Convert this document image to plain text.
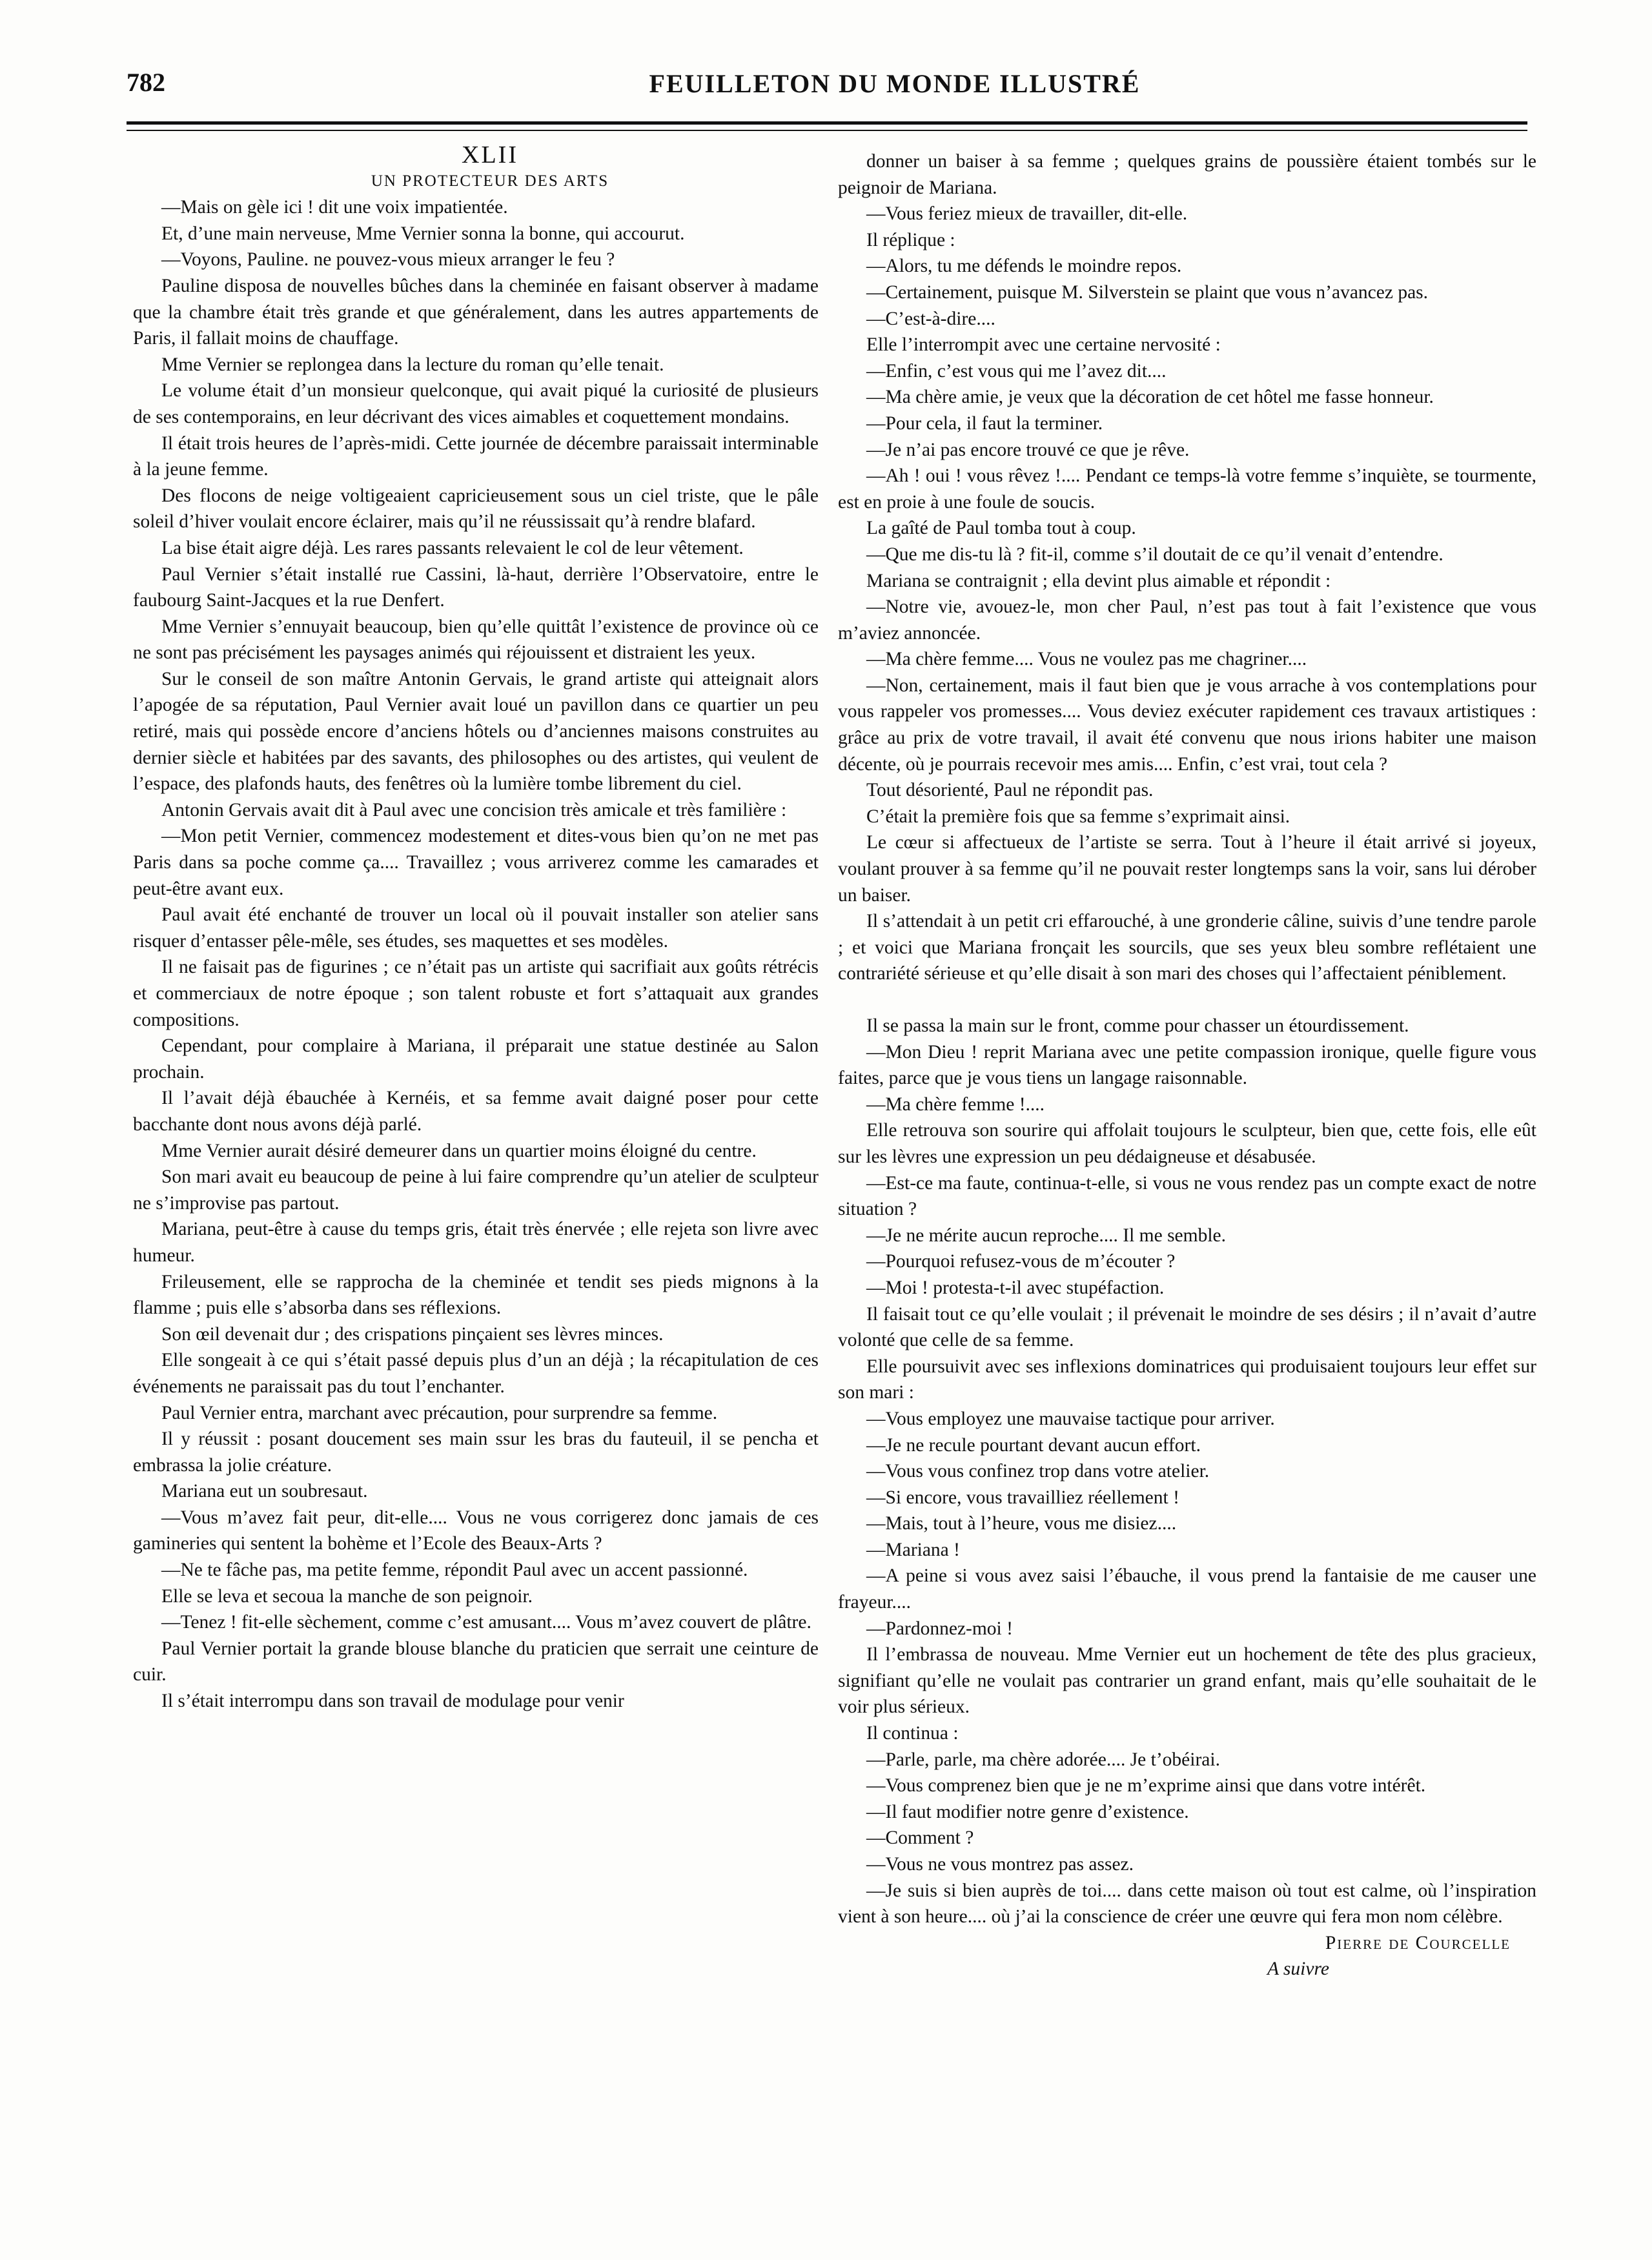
782	FEUILLETON DU MONDE ILLUSTRÉ

XLII

UN PROTECTEUR DES ARTS

—Mais on gèle ici ! dit une voix impatientée.

Et, d’une main nerveuse, Mme Vernier sonna la bonne, qui accourut.

—Voyons, Pauline. ne pouvez-vous mieux arranger le feu ?

Pauline disposa de nouvelles bûches dans la cheminée en faisant observer à madame que la chambre était très grande et que généralement, dans les autres appartements de Paris, il fallait moins de chauffage.

Mme Vernier se replongea dans la lecture du roman qu’elle tenait.

Le volume était d’un monsieur quelconque, qui avait piqué la curiosité de plusieurs de ses contemporains, en leur décrivant des vices aimables et coquettement mondains.

Il était trois heures de l’après-midi. Cette journée de décembre paraissait interminable à la jeune femme.

Des flocons de neige voltigeaient capricieusement sous un ciel triste, que le pâle soleil d’hiver voulait encore éclairer, mais qu’il ne réussissait qu’à rendre blafard.

La bise était aigre déjà. Les rares passants relevaient le col de leur vêtement.

Paul Vernier s’était installé rue Cassini, là-haut, derrière l’Observatoire, entre le faubourg Saint-Jacques et la rue Denfert.

Mme Vernier s’ennuyait beaucoup, bien qu’elle quittât l’existence de province où ce ne sont pas précisément les paysages animés qui réjouissent et distraient les yeux.

Sur le conseil de son maître Antonin Gervais, le grand artiste qui atteignait alors l’apogée de sa réputation, Paul Vernier avait loué un pavillon dans ce quartier un peu retiré, mais qui possède encore d’anciens hôtels ou d’anciennes maisons construites au dernier siècle et habitées par des savants, des philosophes ou des artistes, qui veulent de l’espace, des plafonds hauts, des fenêtres où la lumière tombe librement du ciel.

Antonin Gervais avait dit à Paul avec une concision très amicale et très familière :

—Mon petit Vernier, commencez modestement et dites-vous bien qu’on ne met pas Paris dans sa poche comme ça.... Travaillez ; vous arriverez comme les camarades et peut-être avant eux.

Paul avait été enchanté de trouver un local où il pouvait installer son atelier sans risquer d’entasser pêle-mêle, ses études, ses maquettes et ses modèles.

Il ne faisait pas de figurines ; ce n’était pas un artiste qui sacrifiait aux goûts rétrécis et commerciaux de notre époque ; son talent robuste et fort s’attaquait aux grandes compositions.

Cependant, pour complaire à Mariana, il préparait une statue destinée au Salon prochain.

Il l’avait déjà ébauchée à Kernéis, et sa femme avait daigné poser pour cette bacchante dont nous avons déjà parlé.

Mme Vernier aurait désiré demeurer dans un quartier moins éloigné du centre.

Son mari avait eu beaucoup de peine à lui faire comprendre qu’un atelier de sculpteur ne s’improvise pas partout.

Mariana, peut-être à cause du temps gris, était très énervée ; elle rejeta son livre avec humeur.

Frileusement, elle se rapprocha de la cheminée et tendit ses pieds mignons à la flamme ; puis elle s’absorba dans ses réflexions.

Son œil devenait dur ; des crispations pinçaient ses lèvres minces.

Elle songeait à ce qui s’était passé depuis plus d’un an déjà ; la récapitulation de ces événements ne paraissait pas du tout l’enchanter.

Paul Vernier entra, marchant avec précaution, pour surprendre sa femme.

Il y réussit : posant doucement ses main ssur les bras du fauteuil, il se pencha et embrassa la jolie créature.

Mariana eut un soubresaut.

—Vous m’avez fait peur, dit-elle.... Vous ne vous corrigerez donc jamais de ces gamineries qui sentent la bohème et l’Ecole des Beaux-Arts ?

—Ne te fâche pas, ma petite femme, répondit Paul avec un accent passionné.

Elle se leva et secoua la manche de son peignoir.

—Tenez ! fit-elle sèchement, comme c’est amusant.... Vous m’avez couvert de plâtre.

Paul Vernier portait la grande blouse blanche du praticien que serrait une ceinture de cuir.

Il s’était interrompu dans son travail de modulage pour venir

donner un baiser à sa femme ; quelques grains de poussière étaient tombés sur le peignoir de Mariana.

—Vous feriez mieux de travailler, dit-elle.

Il réplique :

—Alors, tu me défends le moindre repos.

—Certainement, puisque M. Silverstein se plaint que vous n’avancez pas.

—C’est-à-dire....

Elle l’interrompit avec une certaine nervosité :

—Enfin, c’est vous qui me l’avez dit....

—Ma chère amie, je veux que la décoration de cet hôtel me fasse honneur.

—Pour cela, il faut la terminer.

—Je n’ai pas encore trouvé ce que je rêve.

—Ah ! oui ! vous rêvez !.... Pendant ce temps-là votre femme s’inquiète, se tourmente, est en proie à une foule de soucis.

La gaîté de Paul tomba tout à coup.

—Que me dis-tu là ? fit-il, comme s’il doutait de ce qu’il venait d’entendre.

Mariana se contraignit ; ella devint plus aimable et répondit :

—Notre vie, avouez-le, mon cher Paul, n’est pas tout à fait l’existence que vous m’aviez annoncée.

—Ma chère femme.... Vous ne voulez pas me chagriner....

—Non, certainement, mais il faut bien que je vous arrache à vos contemplations pour vous rappeler vos promesses.... Vous deviez exécuter rapidement ces travaux artistiques : grâce au prix de votre travail, il avait été convenu que nous irions habiter une maison décente, où je pourrais recevoir mes amis.... Enfin, c’est vrai, tout cela ?

Tout désorienté, Paul ne répondit pas.

C’était la première fois que sa femme s’exprimait ainsi.

Le cœur si affectueux de l’artiste se serra. Tout à l’heure il était arrivé si joyeux, voulant prouver à sa femme qu’il ne pouvait rester longtemps sans la voir, sans lui dérober un baiser.

Il s’attendait à un petit cri effarouché, à une gronderie câline, suivis d’une tendre parole ; et voici que Mariana fronçait les sourcils, que ses yeux bleu sombre reflétaient une contrariété sérieuse et qu’elle disait à son mari des choses qui l’affectaient péniblement.

Il se passa la main sur le front, comme pour chasser un étourdissement.

—Mon Dieu ! reprit Mariana avec une petite compassion ironique, quelle figure vous faites, parce que je vous tiens un langage raisonnable.

—Ma chère femme !....

Elle retrouva son sourire qui affolait toujours le sculpteur, bien que, cette fois, elle eût sur les lèvres une expression un peu dédaigneuse et désabusée.

—Est-ce ma faute, continua-t-elle, si vous ne vous rendez pas un compte exact de notre situation ?

—Je ne mérite aucun reproche.... Il me semble.

—Pourquoi refusez-vous de m’écouter ?

—Moi ! protesta-t-il avec stupéfaction.

Il faisait tout ce qu’elle voulait ; il prévenait le moindre de ses désirs ; il n’avait d’autre volonté que celle de sa femme.

Elle poursuivit avec ses inflexions dominatrices qui produisaient toujours leur effet sur son mari :

—Vous employez une mauvaise tactique pour arriver.

—Je ne recule pourtant devant aucun effort.

—Vous vous confinez trop dans votre atelier.

—Si encore, vous travailliez réellement !

—Mais, tout à l’heure, vous me disiez....

—Mariana !

—A peine si vous avez saisi l’ébauche, il vous prend la fantaisie de me causer une frayeur....

—Pardonnez-moi !

Il l’embrassa de nouveau. Mme Vernier eut un hochement de tête des plus gracieux, signifiant qu’elle ne voulait pas contrarier un grand enfant, mais qu’elle souhaitait de le voir plus sérieux.

Il continua :

—Parle, parle, ma chère adorée.... Je t’obéirai.

—Vous comprenez bien que je ne m’exprime ainsi que dans votre intérêt.

—Il faut modifier notre genre d’existence.

—Comment ?

—Vous ne vous montrez pas assez.

—Je suis si bien auprès de toi.... dans cette maison où tout est calme, où l’inspiration vient à son heure.... où j’ai la conscience de créer une œuvre qui fera mon nom célèbre.

Pierre de Courcelle

A suivre
